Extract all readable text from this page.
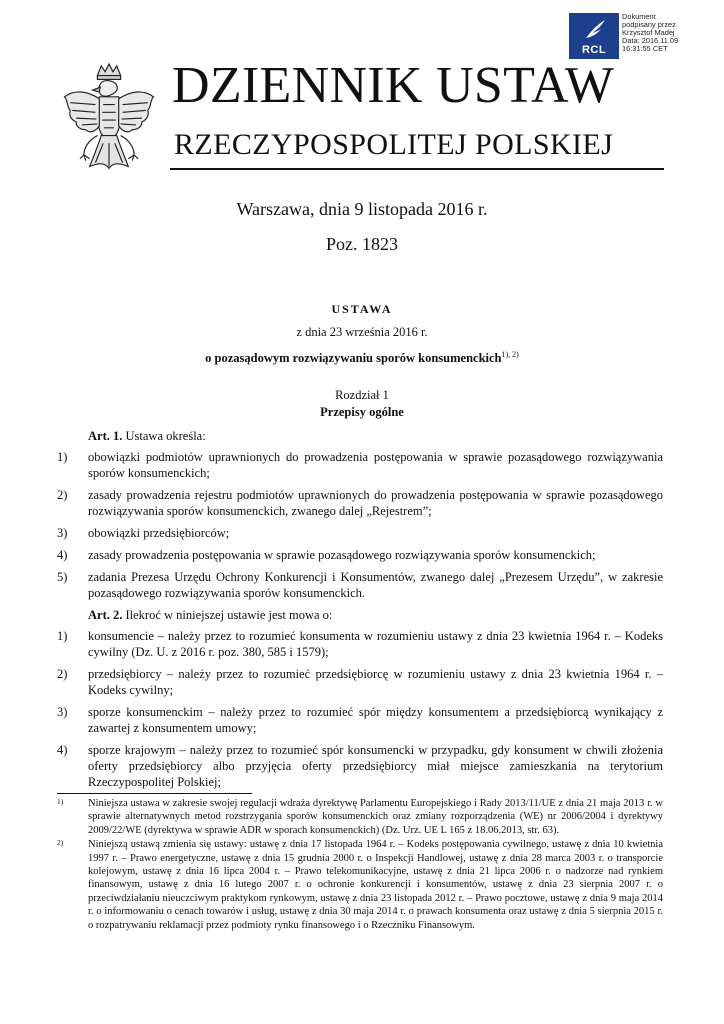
RCL
Dokument
podpisany przez
Krzysztof Madej
Data: 2016.11.09
16:31:55 CET
DZIENNIK USTAW
RZECZYPOSPOLITEJ POLSKIEJ
Warszawa, dnia 9 listopada 2016 r.
Poz. 1823
USTAWA
z dnia 23 września 2016 r.
o pozasądowym rozwiązywaniu sporów konsumenckich$^{1), 2)}$
Rozdział 1
Przepisy ogólne

Art. 1. Ustawa określa:

1)	obowiązki podmiotów uprawnionych do prowadzenia postępowania w sprawie pozasądowego rozwiązywania sporów konsumenckich;
2)	zasady prowadzenia rejestru podmiotów uprawnionych do prowadzenia postępowania w sprawie pozasądowego rozwiązywania sporów konsumenckich, zwanego dalej „Rejestrem”;
3)	obowiązki przedsiębiorców;
4)	zasady prowadzenia postępowania w sprawie pozasądowego rozwiązywania sporów konsumenckich;
5)	zadania Prezesa Urzędu Ochrony Konkurencji i Konsumentów, zwanego dalej „Prezesem Urzędu”, w zakresie pozasądowego rozwiązywania sporów konsumenckich.

Art. 2. Ilekroć w niniejszej ustawie jest mowa o:

1)	konsumencie – należy przez to rozumieć konsumenta w rozumieniu ustawy z dnia 23 kwietnia 1964 r. – Kodeks cywilny (Dz. U. z 2016 r. poz. 380, 585 i 1579);
2)	przedsiębiorcy – należy przez to rozumieć przedsiębiorcę w rozumieniu ustawy z dnia 23 kwietnia 1964 r. – Kodeks cywilny;
3)	sporze konsumenckim – należy przez to rozumieć spór między konsumentem a przedsiębiorcą wynikający z zawartej z konsumentem umowy;
4)	sporze krajowym – należy przez to rozumieć spór konsumencki w przypadku, gdy konsument w chwili złożenia oferty przedsiębiorcy albo przyjęcia oferty przedsiębiorcy miał miejsce zamieszkania na terytorium Rzeczypospolitej Polskiej;
1)	Niniejsza ustawa w zakresie swojej regulacji wdraża dyrektywę Parlamentu Europejskiego i Rady 2013/11/UE z dnia 21 maja 2013 r. w sprawie alternatywnych metod rozstrzygania sporów konsumenckich oraz zmiany rozporządzenia (WE) nr 2006/2004 i dyrektywy 2009/22/WE (dyrektywa w sprawie ADR w sporach konsumenckich) (Dz. Urz. UE L 165 z 18.06.2013, str. 63).
2)	Niniejszą ustawą zmienia się ustawy: ustawę z dnia 17 listopada 1964 r. – Kodeks postępowania cywilnego, ustawę z dnia 10 kwietnia 1997 r. – Prawo energetyczne, ustawę z dnia 15 grudnia 2000 r. o Inspekcji Handlowej, ustawę z dnia 28 marca 2003 r. o transporcie kolejowym, ustawę z dnia 16 lipca 2004 r. – Prawo telekomunikacyjne, ustawę z dnia 21 lipca 2006 r. o nadzorze nad rynkiem finansowym, ustawę z dnia 16 lutego 2007 r. o ochronie konkurencji i konsumentów, ustawę z dnia 23 sierpnia 2007 r. o przeciwdziałaniu nieuczciwym praktykom rynkowym, ustawę z dnia 23 listopada 2012 r. – Prawo pocztowe, ustawę z dnia 9 maja 2014 r. o informowaniu o cenach towarów i usług, ustawę z dnia 30 maja 2014 r. o prawach konsumenta oraz ustawę z dnia 5 sierpnia 2015 r. o rozpatrywaniu reklamacji przez podmioty rynku finansowego i o Rzeczniku Finansowym.
